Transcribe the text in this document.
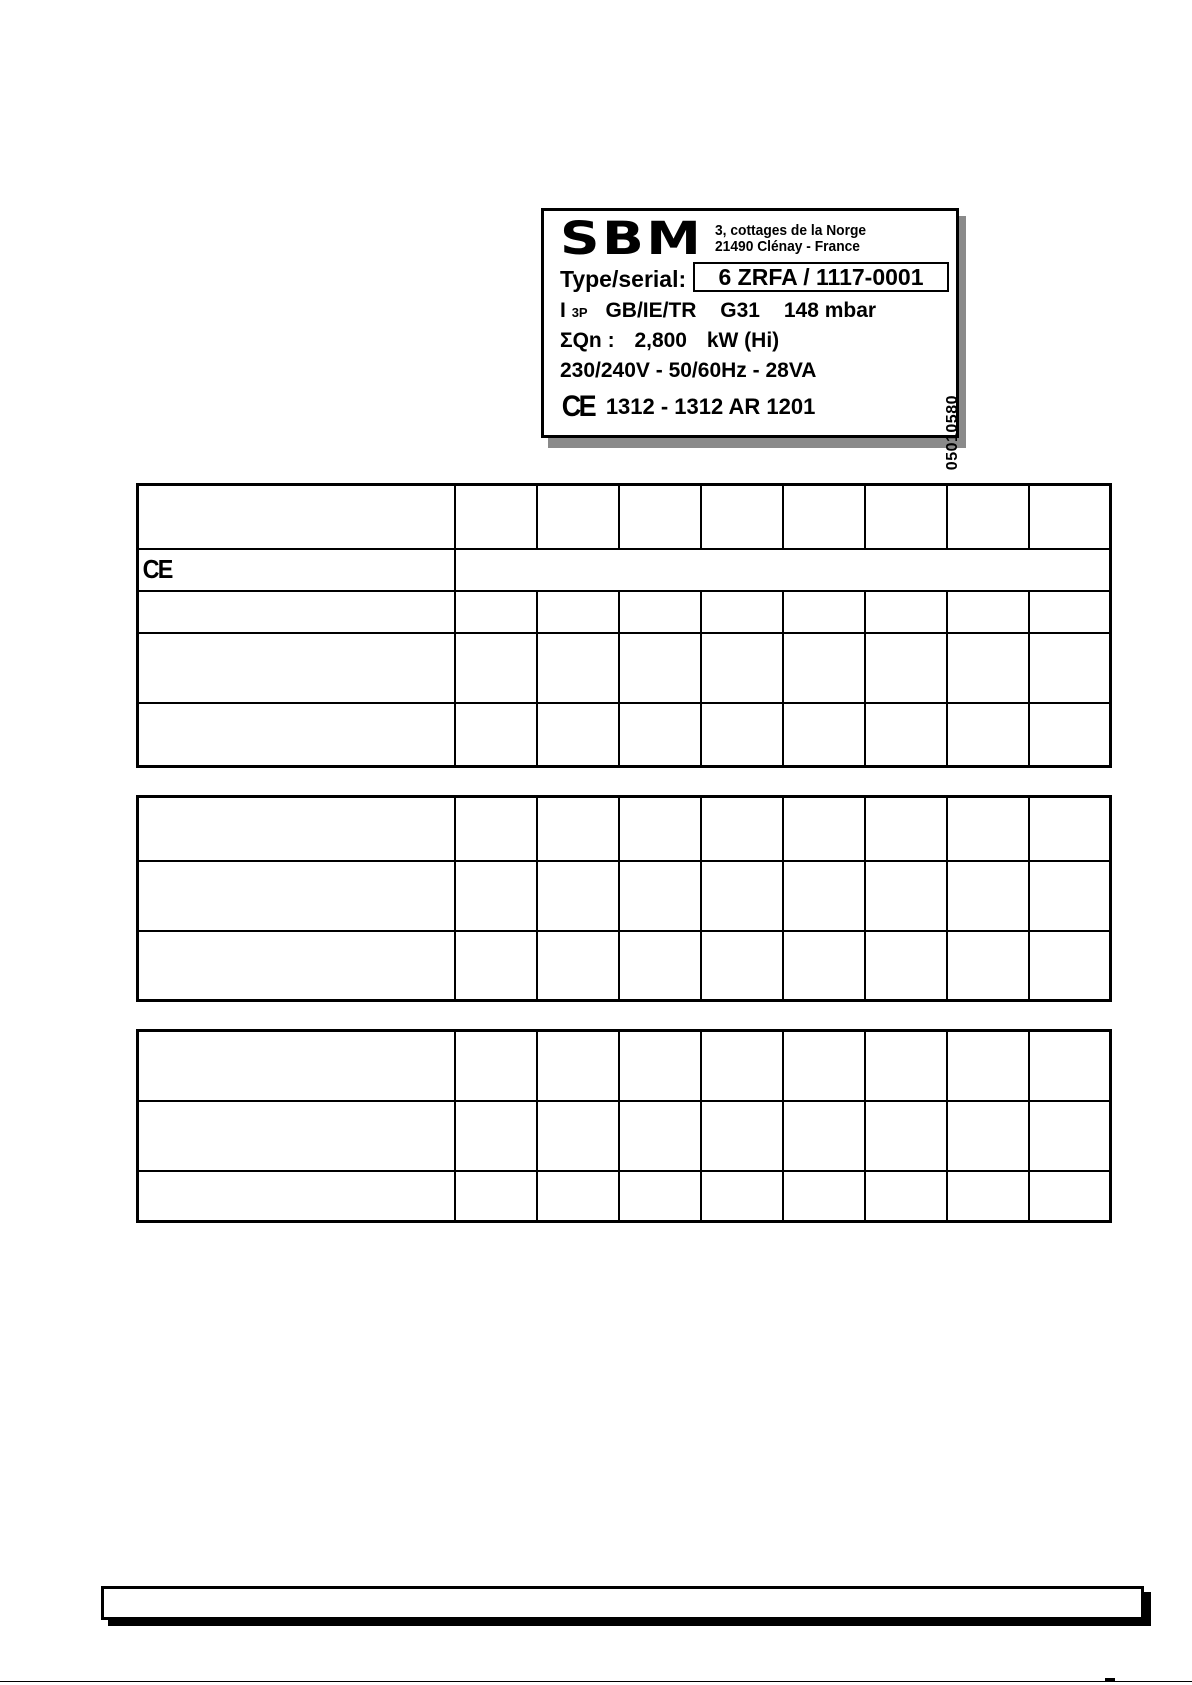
SBM 3, cottages de la Norge
21490 Clénay - France
Type/serial:	6 ZRFA / 1117-0001
I 3P GB/IE/TR G31 148 mbar
ΣQn : 2,800 kW (Hi)
230/240V - 50/60Hz - 28VA
CE 1312 - 1312 AR 1201	05010580

CE								
